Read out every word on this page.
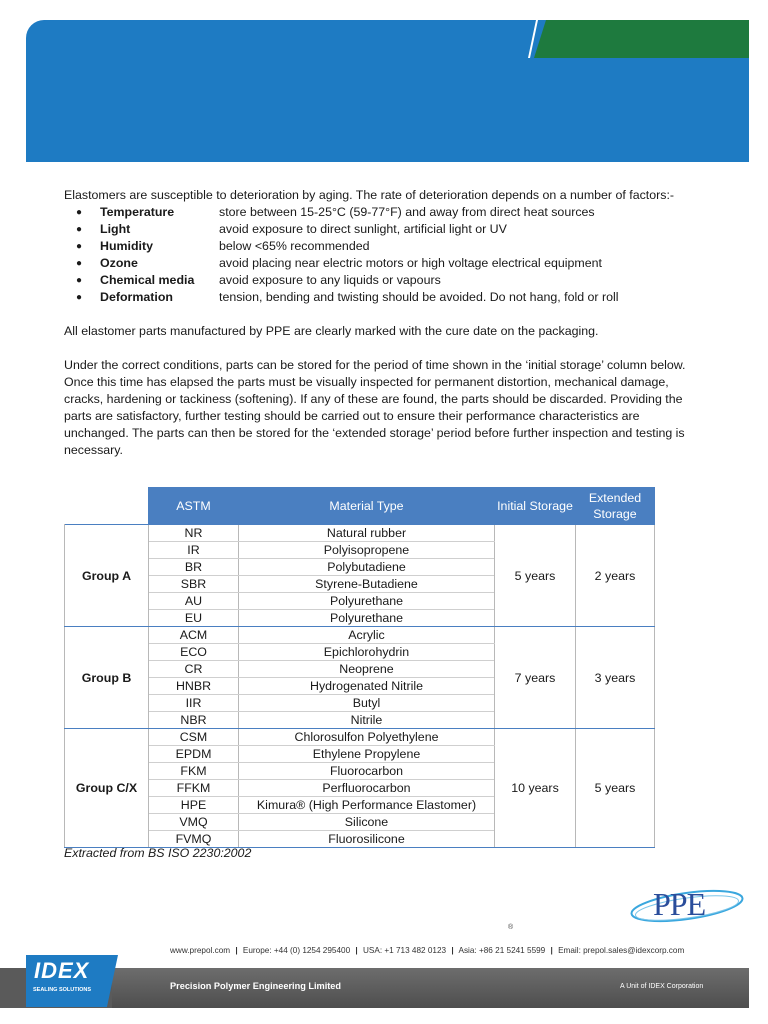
Elastomers are susceptible to deterioration by aging. The rate of deterioration depends on a number of factors:-

●	Temperature	store between 15-25°C (59-77°F) and away from direct heat sources
●	Light	avoid exposure to direct sunlight, artificial light or UV
●	Humidity	below <65% recommended
●	Ozone	avoid placing near electric motors or high voltage electrical equipment
●	Chemical media	avoid exposure to any liquids or vapours
●	Deformation	tension, bending and twisting should be avoided. Do not hang, fold or roll

All elastomer parts manufactured by PPE are clearly marked with the cure date on the packaging.

Under the correct conditions, parts can be stored for the period of time shown in the ‘initial storage’ column below. Once this time has elapsed the parts must be visually inspected for permanent distortion, mechanical damage, cracks, hardening or tackiness (softening). If any of these are found, the parts should be discarded. Providing the parts are satisfactory, further testing should be carried out to ensure their performance characteristics are unchanged. The parts can then be stored for the ‘extended storage’ period before further inspection and testing is necessary.

	ASTM	Material Type	Initial Storage	Extended Storage
Group A	NR	Natural rubber	5 years	2 years
	IR	Polyisopropene		
	BR	Polybutadiene		
	SBR	Styrene-Butadiene		
	AU	Polyurethane		
	EU	Polyurethane		
Group B	ACM	Acrylic	7 years	3 years
	ECO	Epichlorohydrin		
	CR	Neoprene		
	HNBR	Hydrogenated Nitrile		
	IIR	Butyl		
	NBR	Nitrile		
Group C/X	CSM	Chlorosulfon Polyethylene	10 years	5 years
	EPDM	Ethylene Propylene		
	FKM	Fluorocarbon		
	FFKM	Perfluorocarbon		
	HPE	Kimura® (High Performance Elastomer)		
	VMQ	Silicone		
	FVMQ	Fluorosilicone		
Extracted from BS ISO 2230:2002
PPE
®
www.prepol.com | Europe: +44 (0) 1254 295400 | USA: +1 713 482 0123 | Asia: +86 21 5241 5599 | Email: prepol.sales@idexcorp.com
IDEX
SEALING SOLUTIONS	Precision Polymer Engineering Limited	A Unit of IDEX Corporation
